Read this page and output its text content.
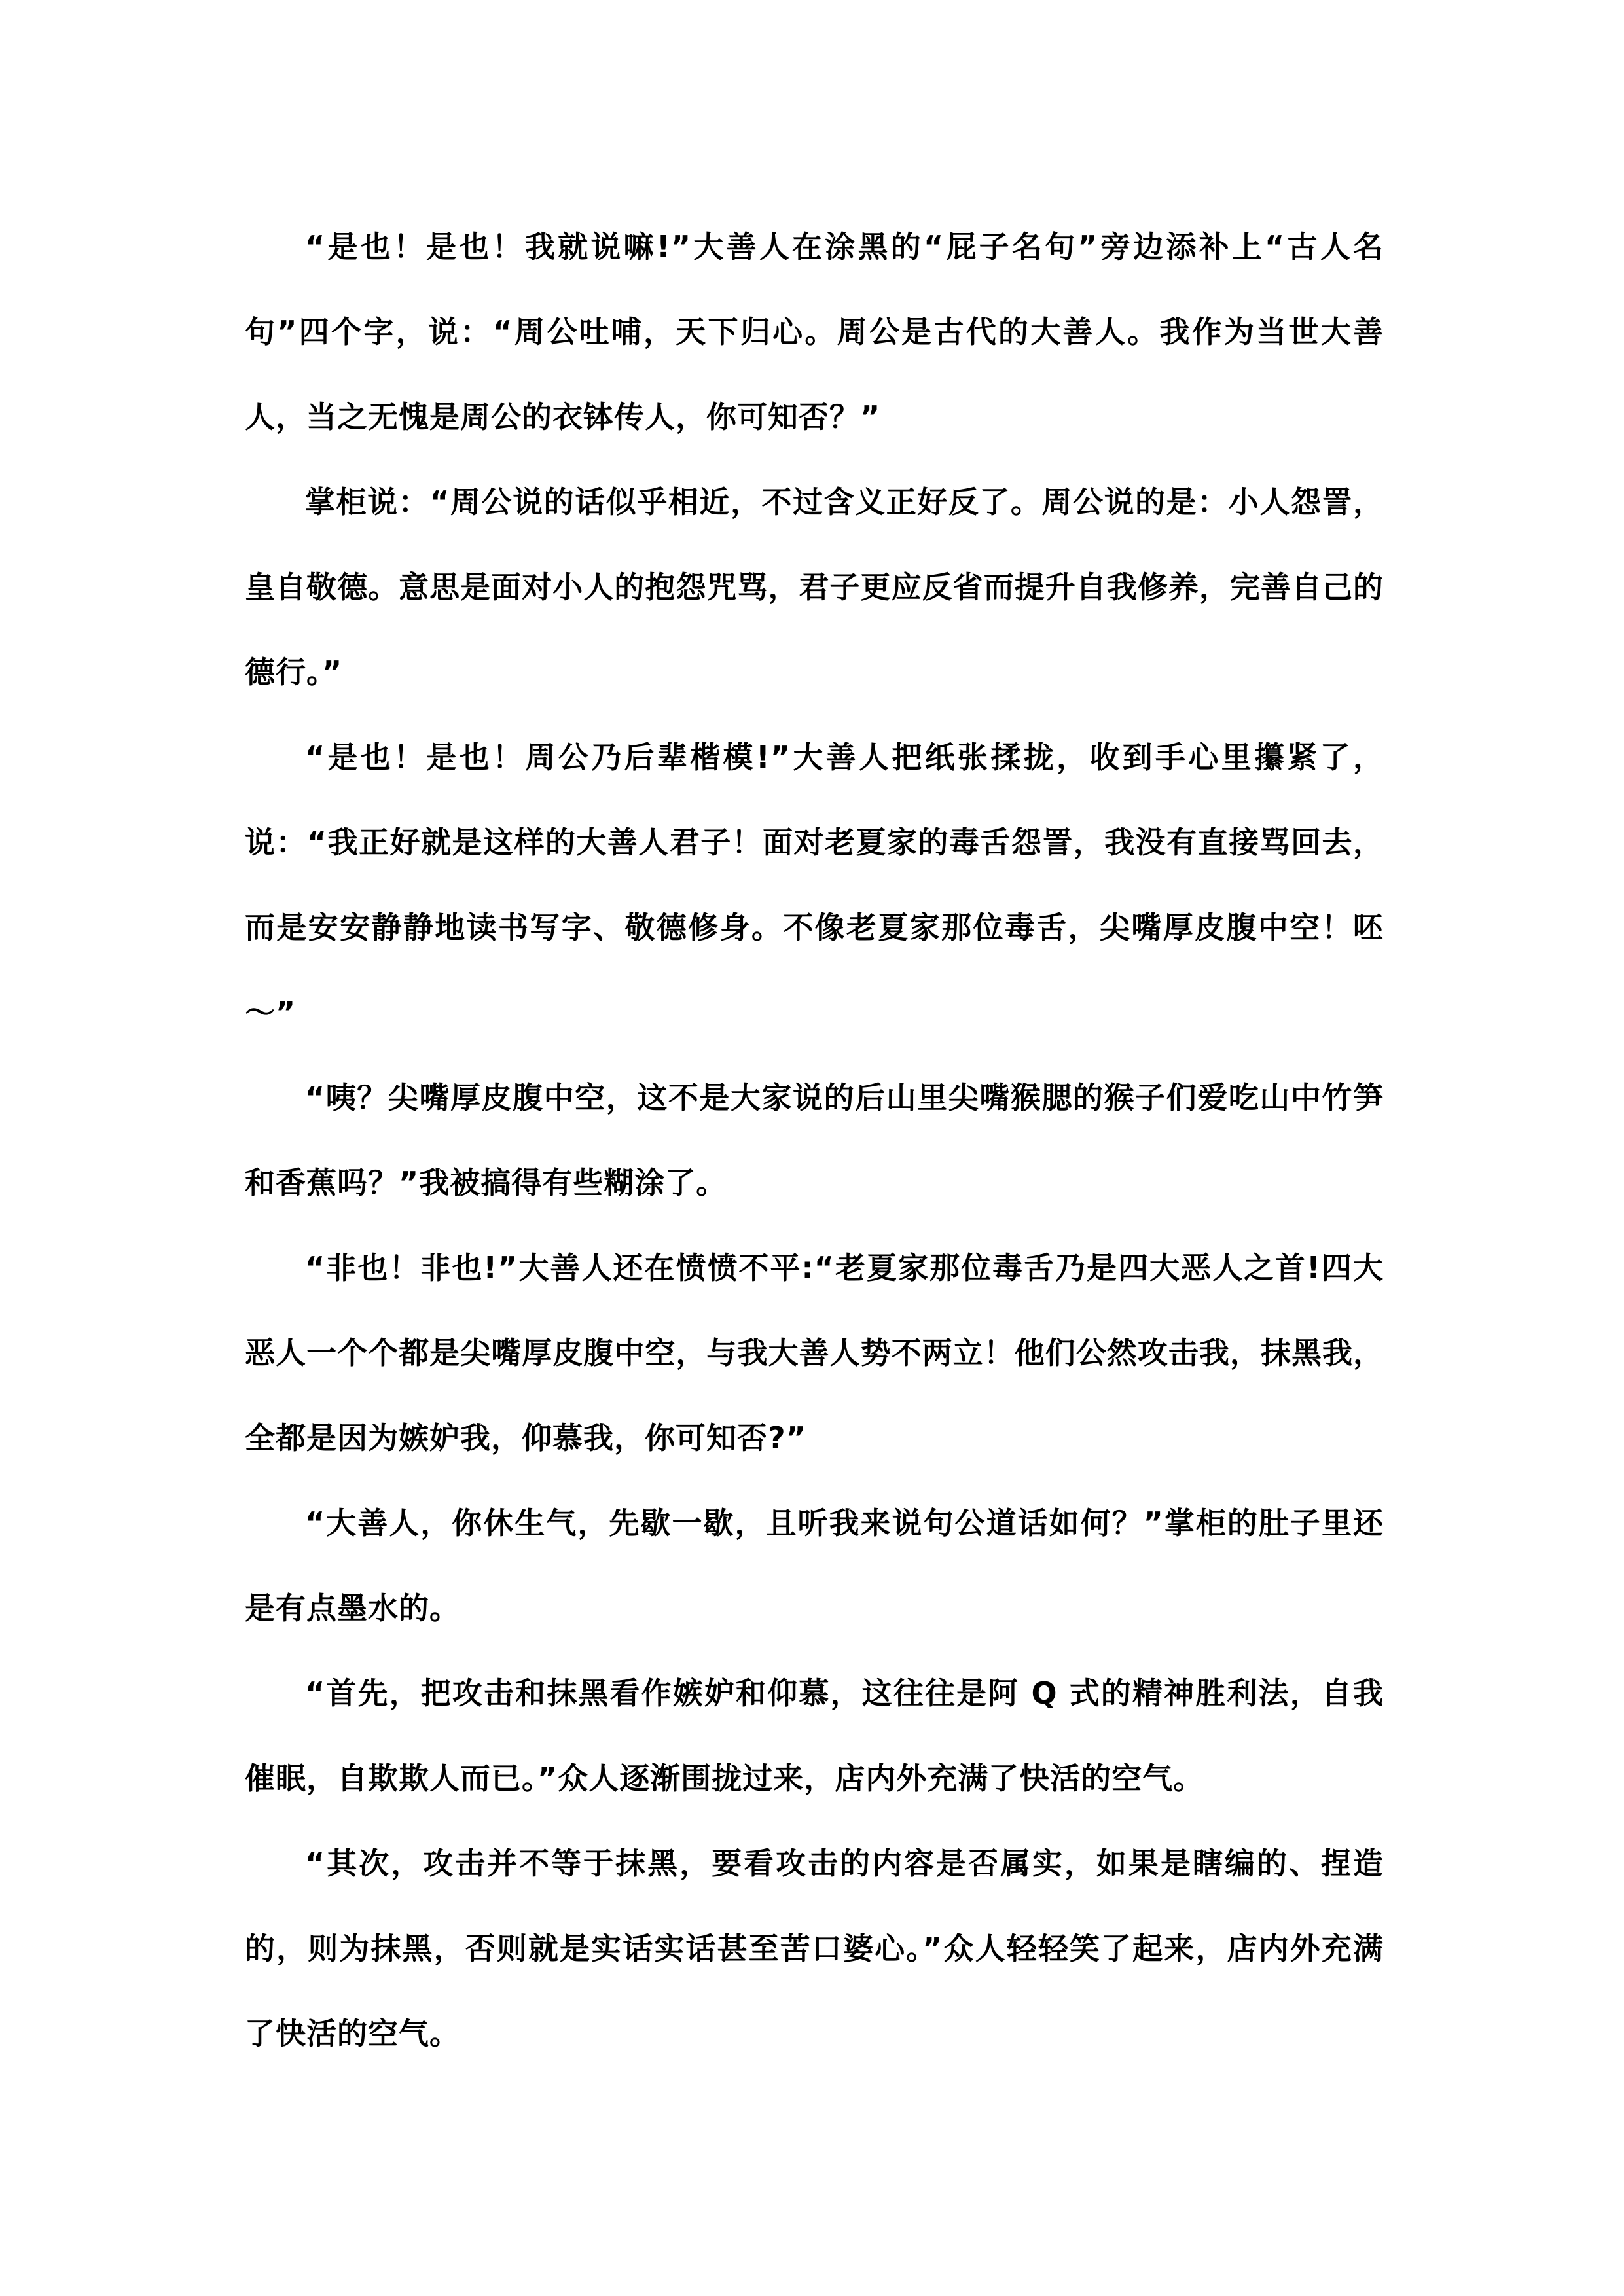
“是也！是也！我就说嘛!”大善人在涂黑的“屁子名句”旁边添补上“古人名句”四个字，说：“周公吐哺，天下归心。周公是古代的大善人。我作为当世大善人，当之无愧是周公的衣钵传人，你可知否？”

掌柜说：“周公说的话似乎相近，不过含义正好反了。周公说的是：小人怨詈，皇自敬德。意思是面对小人的抱怨咒骂，君子更应反省而提升自我修养，完善自己的德行。”

“是也！是也！周公乃后辈楷模!”大善人把纸张揉拢，收到手心里攥紧了，说：“我正好就是这样的大善人君子！面对老夏家的毒舌怨詈，我没有直接骂回去，而是安安静静地读书写字、敬德修身。不像老夏家那位毒舌，尖嘴厚皮腹中空！呸～”

“咦？尖嘴厚皮腹中空，这不是大家说的后山里尖嘴猴腮的猴子们爱吃山中竹笋和香蕉吗？”我被搞得有些糊涂了。

“非也！非也!”大善人还在愤愤不平:“老夏家那位毒舌乃是四大恶人之首!四大恶人一个个都是尖嘴厚皮腹中空，与我大善人势不两立！他们公然攻击我，抹黑我，全都是因为嫉妒我，仰慕我，你可知否?”

“大善人，你休生气，先歇一歇，且听我来说句公道话如何？”掌柜的肚子里还是有点墨水的。

“首先，把攻击和抹黑看作嫉妒和仰慕，这往往是阿 Q 式的精神胜利法，自我催眠，自欺欺人而已。”众人逐渐围拢过来，店内外充满了快活的空气。

“其次，攻击并不等于抹黑，要看攻击的内容是否属实，如果是瞎编的、捏造的，则为抹黑，否则就是实话实话甚至苦口婆心。”众人轻轻笑了起来，店内外充满了快活的空气。
